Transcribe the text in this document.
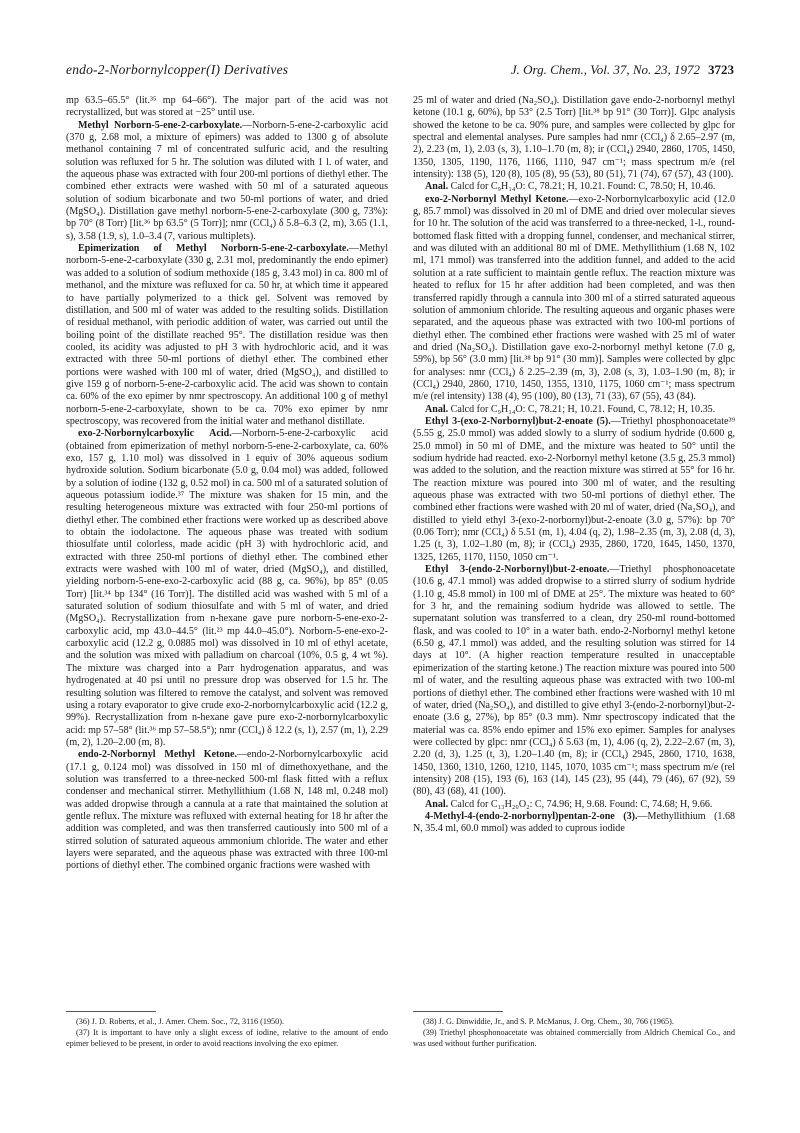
endo-2-Norbornylcopper(I) Derivatives	J. Org. Chem., Vol. 37, No. 23, 1972 3723

mp 63.5–65.5° (lit.³⁵ mp 64–66°). The major part of the acid was not recrystallized, but was stored at −25° until use.

Methyl Norborn-5-ene-2-carboxylate.—Norborn-5-ene-2-carboxylic acid (370 g, 2.68 mol, a mixture of epimers) was added to 1300 g of absolute methanol containing 7 ml of concentrated sulfuric acid, and the resulting solution was refluxed for 5 hr. The solution was diluted with 1 l. of water, and the aqueous phase was extracted with four 200-ml portions of diethyl ether. The combined ether extracts were washed with 50 ml of a saturated aqueous solution of sodium bicarbonate and two 50-ml portions of water, and dried (MgSO₄). Distillation gave methyl norborn-5-ene-2-carboxylate (300 g, 73%): bp 70° (8 Torr) [lit.³⁶ bp 63.5° (5 Torr)]; nmr (CCl₄) δ 5.8–6.3 (2, m), 3.65 (1.1, s), 3.58 (1.9, s), 1.0–3.4 (7, various multiplets).

Epimerization of Methyl Norborn-5-ene-2-carboxylate.—Methyl norborn-5-ene-2-carboxylate (330 g, 2.31 mol, predominantly the endo epimer) was added to a solution of sodium methoxide (185 g, 3.43 mol) in ca. 800 ml of methanol, and the mixture was refluxed for ca. 50 hr, at which time it appeared to have partially polymerized to a thick gel. Solvent was removed by distillation, and 500 ml of water was added to the resulting solids. Distillation of residual methanol, with periodic addition of water, was carried out until the boiling point of the distillate reached 95°. The distillation residue was then cooled, its acidity was adjusted to pH 3 with hydrochloric acid, and it was extracted with three 50-ml portions of diethyl ether. The combined ether portions were washed with 100 ml of water, dried (MgSO₄), and distilled to give 159 g of norborn-5-ene-2-carboxylic acid. The acid was shown to contain ca. 60% of the exo epimer by nmr spectroscopy. An additional 100 g of methyl norborn-5-ene-2-carboxylate, shown to be ca. 70% exo epimer by nmr spectroscopy, was recovered from the initial water and methanol distillate.

exo-2-Norbornylcarboxylic Acid.—Norborn-5-ene-2-carboxylic acid (obtained from epimerization of methyl norborn-5-ene-2-carboxylate, ca. 60% exo, 157 g, 1.10 mol) was dissolved in 1 equiv of 30% aqueous sodium hydroxide solution. Sodium bicarbonate (5.0 g, 0.04 mol) was added, followed by a solution of iodine (132 g, 0.52 mol) in ca. 500 ml of a saturated solution of aqueous potassium iodide.³⁷ The mixture was shaken for 15 min, and the resulting heterogeneous mixture was extracted with four 250-ml portions of diethyl ether. The combined ether fractions were worked up as described above to obtain the iodolactone. The aqueous phase was treated with sodium thiosulfate until colorless, made acidic (pH 3) with hydrochloric acid, and extracted with three 250-ml portions of diethyl ether. The combined ether extracts were washed with 100 ml of water, dried (MgSO₄), and distilled, yielding norborn-5-ene-exo-2-carboxylic acid (88 g, ca. 96%), bp 85° (0.05 Torr) [lit.³⁴ bp 134° (16 Torr)]. The distilled acid was washed with 5 ml of a saturated solution of sodium thiosulfate and with 5 ml of water, and dried (MgSO₄). Recrystallization from n-hexane gave pure norborn-5-ene-exo-2-carboxylic acid, mp 43.0–44.5° (lit.²³ mp 44.0–45.0°). Norborn-5-ene-exo-2-carboxylic acid (12.2 g, 0.0885 mol) was dissolved in 10 ml of ethyl acetate, and the solution was mixed with palladium on charcoal (10%, 0.5 g, 4 wt %). The mixture was charged into a Parr hydrogenation apparatus, and was hydrogenated at 40 psi until no pressure drop was observed for 1.5 hr. The resulting solution was filtered to remove the catalyst, and solvent was removed using a rotary evaporator to give crude exo-2-norbornylcarboxylic acid (12.2 g, 99%). Recrystallization from n-hexane gave pure exo-2-norbornylcarboxylic acid: mp 57–58° (lit.³⁶ mp 57–58.5°); nmr (CCl₄) δ 12.2 (s, 1), 2.57 (m, 1), 2.29 (m, 2), 1.20–2.00 (m, 8).

endo-2-Norbornyl Methyl Ketone.—endo-2-Norbornylcarboxylic acid (17.1 g, 0.124 mol) was dissolved in 150 ml of dimethoxyethane, and the solution was transferred to a three-necked 500-ml flask fitted with a reflux condenser and mechanical stirrer. Methyllithium (1.68 N, 148 ml, 0.248 mol) was added dropwise through a cannula at a rate that maintained the solution at gentle reflux. The mixture was refluxed with external heating for 18 hr after the addition was completed, and was then transferred cautiously into 500 ml of a stirred solution of saturated aqueous ammonium chloride. The water and ether layers were separated, and the aqueous phase was extracted with three 100-ml portions of diethyl ether. The combined organic fractions were washed with

25 ml of water and dried (Na₂SO₄). Distillation gave endo-2-norbornyl methyl ketone (10.1 g, 60%), bp 53° (2.5 Torr) [lit.³⁸ bp 91° (30 Torr)]. Glpc analysis showed the ketone to be ca. 90% pure, and samples were collected by glpc for spectral and elemental analyses. Pure samples had nmr (CCl₄) δ 2.65–2.97 (m, 2), 2.23 (m, 1), 2.03 (s, 3), 1.10–1.70 (m, 8); ir (CCl₄) 2940, 2860, 1705, 1450, 1350, 1305, 1190, 1176, 1166, 1110, 947 cm⁻¹; mass spectrum m/e (rel intensity): 138 (5), 120 (8), 105 (8), 95 (53), 80 (51), 71 (74), 67 (57), 43 (100).

Anal. Calcd for C₉H₁₄O: C, 78.21; H, 10.21. Found: C, 78.50; H, 10.46.

exo-2-Norbornyl Methyl Ketone.—exo-2-Norbornylcarboxylic acid (12.0 g, 85.7 mmol) was dissolved in 20 ml of DME and dried over molecular sieves for 10 hr. The solution of the acid was transferred to a three-necked, 1-l., round-bottomed flask fitted with a dropping funnel, condenser, and mechanical stirrer, and was diluted with an additional 80 ml of DME. Methyllithium (1.68 N, 102 ml, 171 mmol) was transferred into the addition funnel, and added to the acid solution at a rate sufficient to maintain gentle reflux. The reaction mixture was heated to reflux for 15 hr after addition had been completed, and was then transferred rapidly through a cannula into 300 ml of a stirred saturated aqueous solution of ammonium chloride. The resulting aqueous and organic phases were separated, and the aqueous phase was extracted with two 100-ml portions of diethyl ether. The combined ether fractions were washed with 25 ml of water and dried (Na₂SO₄). Distillation gave exo-2-norbornyl methyl ketone (7.0 g, 59%), bp 56° (3.0 mm) [lit.³⁸ bp 91° (30 mm)]. Samples were collected by glpc for analyses: nmr (CCl₄) δ 2.25–2.39 (m, 3), 2.08 (s, 3), 1.03–1.90 (m, 8); ir (CCl₄) 2940, 2860, 1710, 1450, 1355, 1310, 1175, 1060 cm⁻¹; mass spectrum m/e (rel intensity) 138 (4), 95 (100), 80 (13), 71 (33), 67 (55), 43 (84).

Anal. Calcd for C₉H₁₄O: C, 78.21; H, 10.21. Found, C, 78.12; H, 10.35.

Ethyl 3-(exo-2-Norbornyl)but-2-enoate (5).—Triethyl phosphonoacetate³⁹ (5.55 g, 25.0 mmol) was added slowly to a slurry of sodium hydride (0.600 g, 25.0 mmol) in 50 ml of DME, and the mixture was heated to 50° until the sodium hydride had reacted. exo-2-Norbornyl methyl ketone (3.5 g, 25.3 mmol) was added to the solution, and the reaction mixture was stirred at 55° for 16 hr. The reaction mixture was poured into 300 ml of water, and the resulting aqueous phase was extracted with two 50-ml portions of diethyl ether. The combined ether fractions were washed with 20 ml of water, dried (Na₂SO₄), and distilled to yield ethyl 3-(exo-2-norbornyl)but-2-enoate (3.0 g, 57%): bp 70° (0.06 Torr); nmr (CCl₄) δ 5.51 (m, 1), 4.04 (q, 2), 1.98–2.35 (m, 3), 2.08 (d, 3), 1.25 (t, 3), 1.02–1.80 (m, 8); ir (CCl₄) 2935, 2860, 1720, 1645, 1450, 1370, 1325, 1265, 1170, 1150, 1050 cm⁻¹.

Ethyl 3-(endo-2-Norbornyl)but-2-enoate.—Triethyl phosphonoacetate (10.6 g, 47.1 mmol) was added dropwise to a stirred slurry of sodium hydride (1.10 g, 45.8 mmol) in 100 ml of DME at 25°. The mixture was heated to 60° for 3 hr, and the remaining sodium hydride was allowed to settle. The supernatant solution was transferred to a clean, dry 250-ml round-bottomed flask, and was cooled to 10° in a water bath. endo-2-Norbornyl methyl ketone (6.50 g, 47.1 mmol) was added, and the resulting solution was stirred for 14 days at 10°. (A higher reaction temperature resulted in unacceptable epimerization of the starting ketone.) The reaction mixture was poured into 500 ml of water, and the resulting aqueous phase was extracted with two 100-ml portions of diethyl ether. The combined ether fractions were washed with 10 ml of water, dried (Na₂SO₄), and distilled to give ethyl 3-(endo-2-norbornyl)but-2-enoate (3.6 g, 27%), bp 85° (0.3 mm). Nmr spectroscopy indicated that the material was ca. 85% endo epimer and 15% exo epimer. Samples for analyses were collected by glpc: nmr (CCl₄) δ 5.63 (m, 1), 4.06 (q, 2), 2.22–2.67 (m, 3), 2.20 (d, 3), 1.25 (t, 3), 1.20–1.40 (m, 8); ir (CCl₄) 2945, 2860, 1710, 1638, 1450, 1360, 1310, 1260, 1210, 1145, 1070, 1035 cm⁻¹; mass spectrum m/e (rel intensity) 208 (15), 193 (6), 163 (14), 145 (23), 95 (44), 79 (46), 67 (92), 59 (80), 43 (68), 41 (100).

Anal. Calcd for C₁₃H₂₀O₂: C, 74.96; H, 9.68. Found: C, 74.68; H, 9.66.

4-Methyl-4-(endo-2-norbornyl)pentan-2-one (3).—Methyllithium (1.68 N, 35.4 ml, 60.0 mmol) was added to cuprous iodide

(36) J. D. Roberts, et al., J. Amer. Chem. Soc., 72, 3116 (1950).

(37) It is important to have only a slight excess of iodine, relative to the amount of endo epimer believed to be present, in order to avoid reactions involving the exo epimer.

(38) J. G. Dinwiddie, Jr., and S. P. McManus, J. Org. Chem., 30, 766 (1965).

(39) Triethyl phosphonoacetate was obtained commercially from Aldrich Chemical Co., and was used without further purification.
